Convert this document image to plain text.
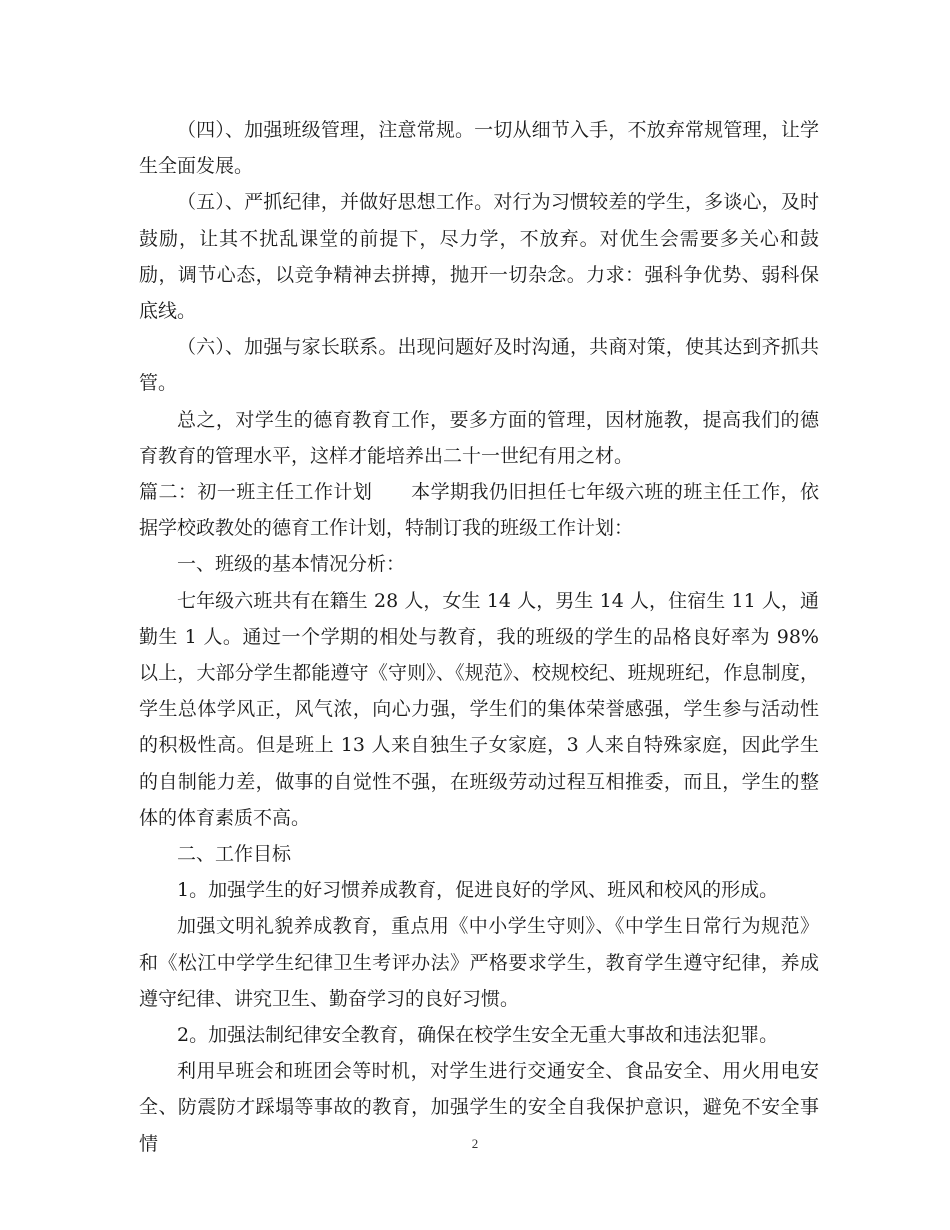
（四）、加强班级管理，注意常规。一切从细节入手，不放弃常规管理，让学生全面发展。

（五）、严抓纪律，并做好思想工作。对行为习惯较差的学生，多谈心，及时鼓励，让其不扰乱课堂的前提下，尽力学，不放弃。对优生会需要多关心和鼓励，调节心态，以竞争精神去拼搏，抛开一切杂念。力求：强科争优势、弱科保底线。

（六）、加强与家长联系。出现问题好及时沟通，共商对策，使其达到齐抓共管。

总之，对学生的德育教育工作，要多方面的管理，因材施教，提高我们的德育教育的管理水平，这样才能培养出二十一世纪有用之材。

篇二：初一班主任工作计划　　本学期我仍旧担任七年级六班的班主任工作，依据学校政教处的德育工作计划，特制订我的班级工作计划：

一、班级的基本情况分析：

七年级六班共有在籍生 28 人，女生 14 人，男生 14 人，住宿生 11 人，通勤生 1 人。通过一个学期的相处与教育，我的班级的学生的品格良好率为 98%以上，大部分学生都能遵守《守则》、《规范》、校规校纪、班规班纪，作息制度，学生总体学风正，风气浓，向心力强，学生们的集体荣誉感强，学生参与活动性的积极性高。但是班上 13 人来自独生子女家庭，3 人来自特殊家庭，因此学生的自制能力差，做事的自觉性不强，在班级劳动过程互相推委，而且，学生的整体的体育素质不高。

二、工作目标

1。加强学生的好习惯养成教育，促进良好的学风、班风和校风的形成。

加强文明礼貌养成教育，重点用《中小学生守则》、《中学生日常行为规范》和《松江中学学生纪律卫生考评办法》严格要求学生，教育学生遵守纪律，养成遵守纪律、讲究卫生、勤奋学习的良好习惯。

2。加强法制纪律安全教育，确保在校学生安全无重大事故和违法犯罪。

利用早班会和班团会等时机，对学生进行交通安全、食品安全、用火用电安全、防震防才踩塌等事故的教育，加强学生的安全自我保护意识，避免不安全事情	2
